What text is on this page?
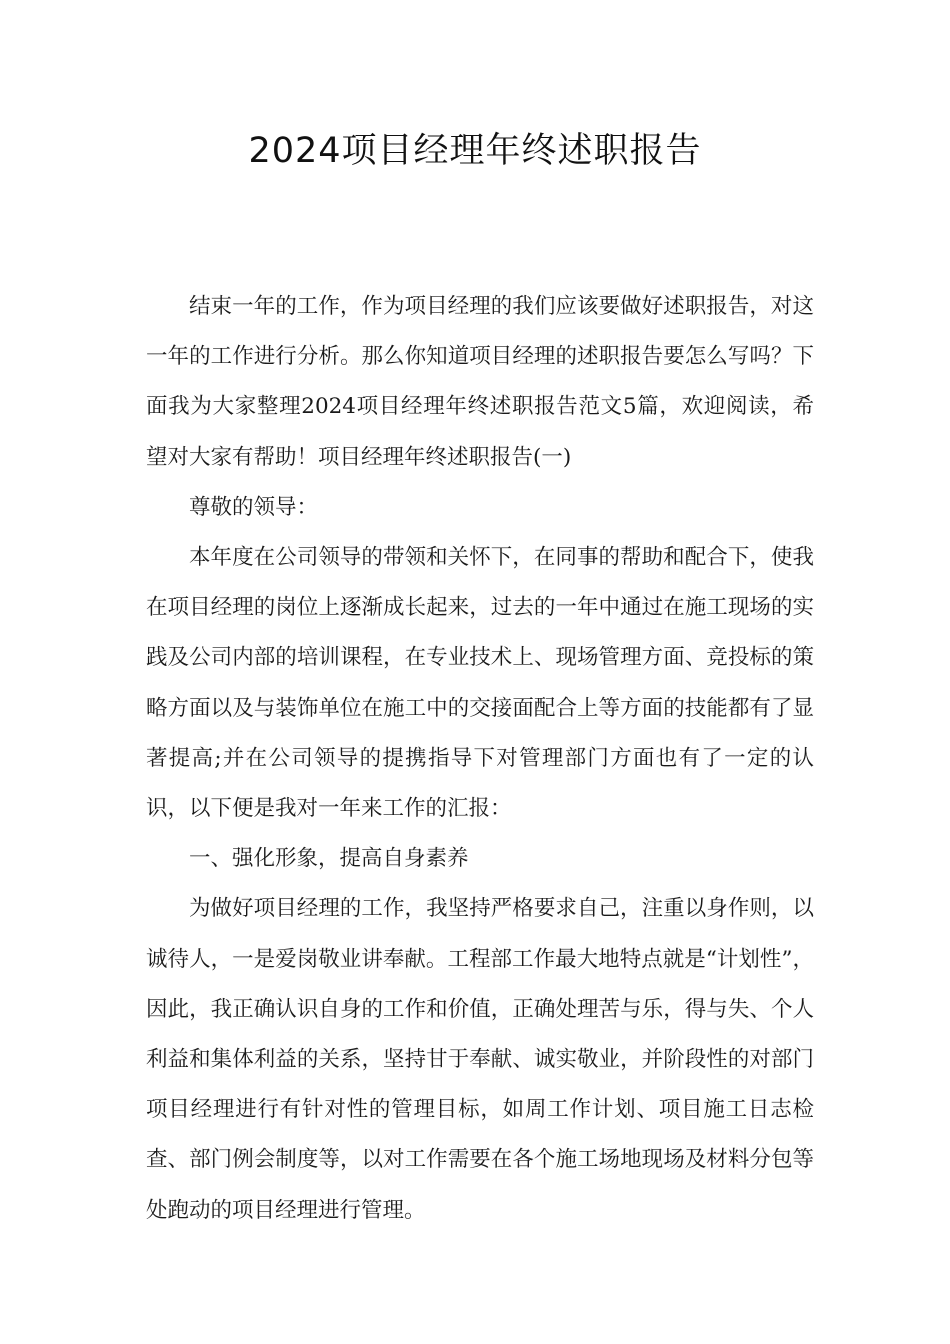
2024项目经理年终述职报告

结束一年的工作，作为项目经理的我们应该要做好述职报告，对这一年的工作进行分析。那么你知道项目经理的述职报告要怎么写吗？下面我为大家整理2024项目经理年终述职报告范文5篇，欢迎阅读，希望对大家有帮助！项目经理年终述职报告(一)

尊敬的领导：

本年度在公司领导的带领和关怀下，在同事的帮助和配合下，使我在项目经理的岗位上逐渐成长起来，过去的一年中通过在施工现场的实践及公司内部的培训课程，在专业技术上、现场管理方面、竞投标的策略方面以及与装饰单位在施工中的交接面配合上等方面的技能都有了显著提高;并在公司领导的提携指导下对管理部门方面也有了一定的认识，以下便是我对一年来工作的汇报：

一、强化形象，提高自身素养

为做好项目经理的工作，我坚持严格要求自己，注重以身作则，以诚待人，一是爱岗敬业讲奉献。工程部工作最大地特点就是“计划性”，因此，我正确认识自身的工作和价值，正确处理苦与乐，得与失、个人利益和集体利益的关系，坚持甘于奉献、诚实敬业，并阶段性的对部门项目经理进行有针对性的管理目标，如周工作计划、项目施工日志检查、部门例会制度等，以对工作需要在各个施工场地现场及材料分包等处跑动的项目经理进行管理。
